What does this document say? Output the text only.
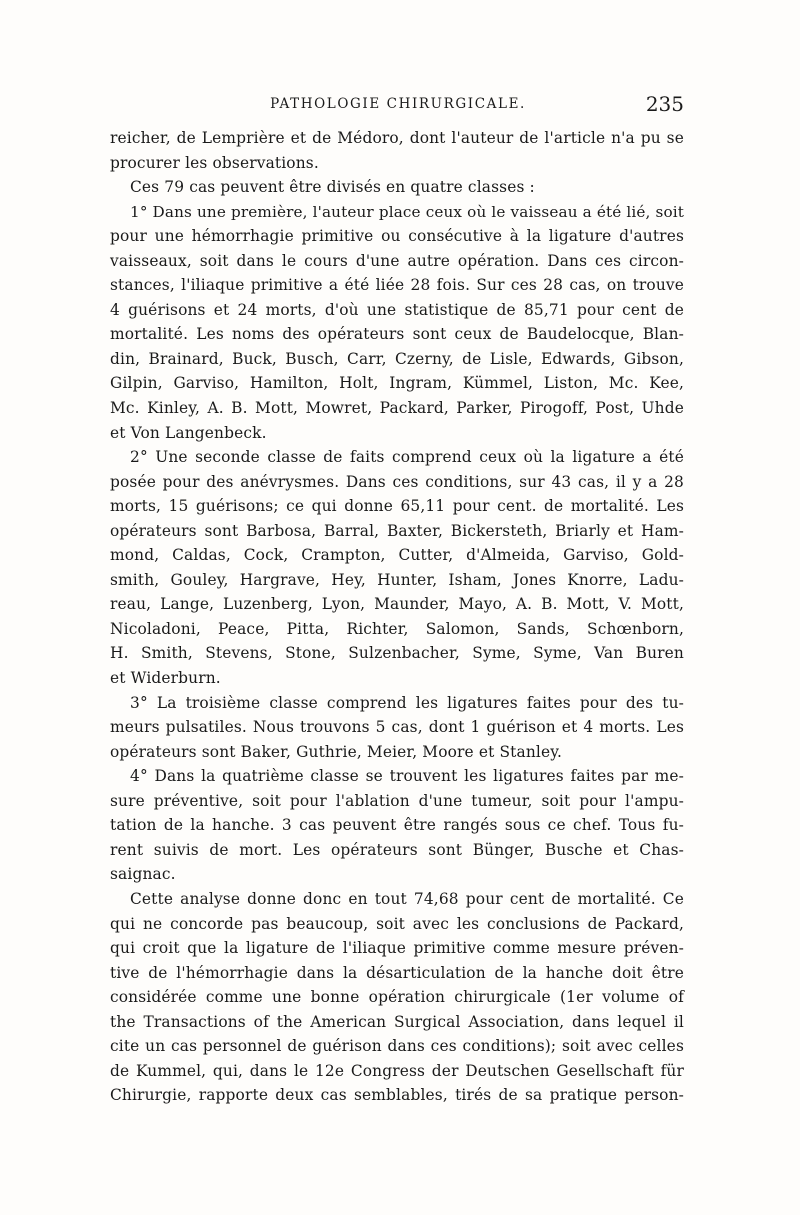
PATHOLOGIE CHIRURGICALE.	235
reicher, de Lemprière et de Médoro, dont l'auteur de l'article n'a pu se
procurer les observations.
Ces 79 cas peuvent être divisés en quatre classes :
1° Dans une première, l'auteur place ceux où le vaisseau a été lié, soit
pour une hémorrhagie primitive ou consécutive à la ligature d'autres
vaisseaux, soit dans le cours d'une autre opération. Dans ces circon-
stances, l'iliaque primitive a été liée 28 fois. Sur ces 28 cas, on trouve
4 guérisons et 24 morts, d'où une statistique de 85,71 pour cent de
mortalité. Les noms des opérateurs sont ceux de Baudelocque, Blan-
din, Brainard, Buck, Busch, Carr, Czerny, de Lisle, Edwards, Gibson,
Gilpin, Garviso, Hamilton, Holt, Ingram, Kümmel, Liston, Mc. Kee,
Mc. Kinley, A. B. Mott, Mowret, Packard, Parker, Pirogoff, Post, Uhde
et Von Langenbeck.
2° Une seconde classe de faits comprend ceux où la ligature a été
posée pour des anévrysmes. Dans ces conditions, sur 43 cas, il y a 28
morts, 15 guérisons; ce qui donne 65,11 pour cent. de mortalité. Les
opérateurs sont Barbosa, Barral, Baxter, Bickersteth, Briarly et Ham-
mond, Caldas, Cock, Crampton, Cutter, d'Almeida, Garviso, Gold-
smith, Gouley, Hargrave, Hey, Hunter, Isham, Jones Knorre, Ladu-
reau, Lange, Luzenberg, Lyon, Maunder, Mayo, A. B. Mott, V. Mott,
Nicoladoni, Peace, Pitta, Richter, Salomon, Sands, Schœnborn,
H. Smith, Stevens, Stone, Sulzenbacher, Syme, Syme, Van Buren
et Widerburn.
3° La troisième classe comprend les ligatures faites pour des tu-
meurs pulsatiles. Nous trouvons 5 cas, dont 1 guérison et 4 morts. Les
opérateurs sont Baker, Guthrie, Meier, Moore et Stanley.
4° Dans la quatrième classe se trouvent les ligatures faites par me-
sure préventive, soit pour l'ablation d'une tumeur, soit pour l'ampu-
tation de la hanche. 3 cas peuvent être rangés sous ce chef. Tous fu-
rent suivis de mort. Les opérateurs sont Bünger, Busche et Chas-
saignac.
Cette analyse donne donc en tout 74,68 pour cent de mortalité. Ce
qui ne concorde pas beaucoup, soit avec les conclusions de Packard,
qui croit que la ligature de l'iliaque primitive comme mesure préven-
tive de l'hémorrhagie dans la désarticulation de la hanche doit être
considérée comme une bonne opération chirurgicale (1er volume of
the Transactions of the American Surgical Association, dans lequel il
cite un cas personnel de guérison dans ces conditions); soit avec celles
de Kummel, qui, dans le 12e Congress der Deutschen Gesellschaft für
Chirurgie, rapporte deux cas semblables, tirés de sa pratique person-
